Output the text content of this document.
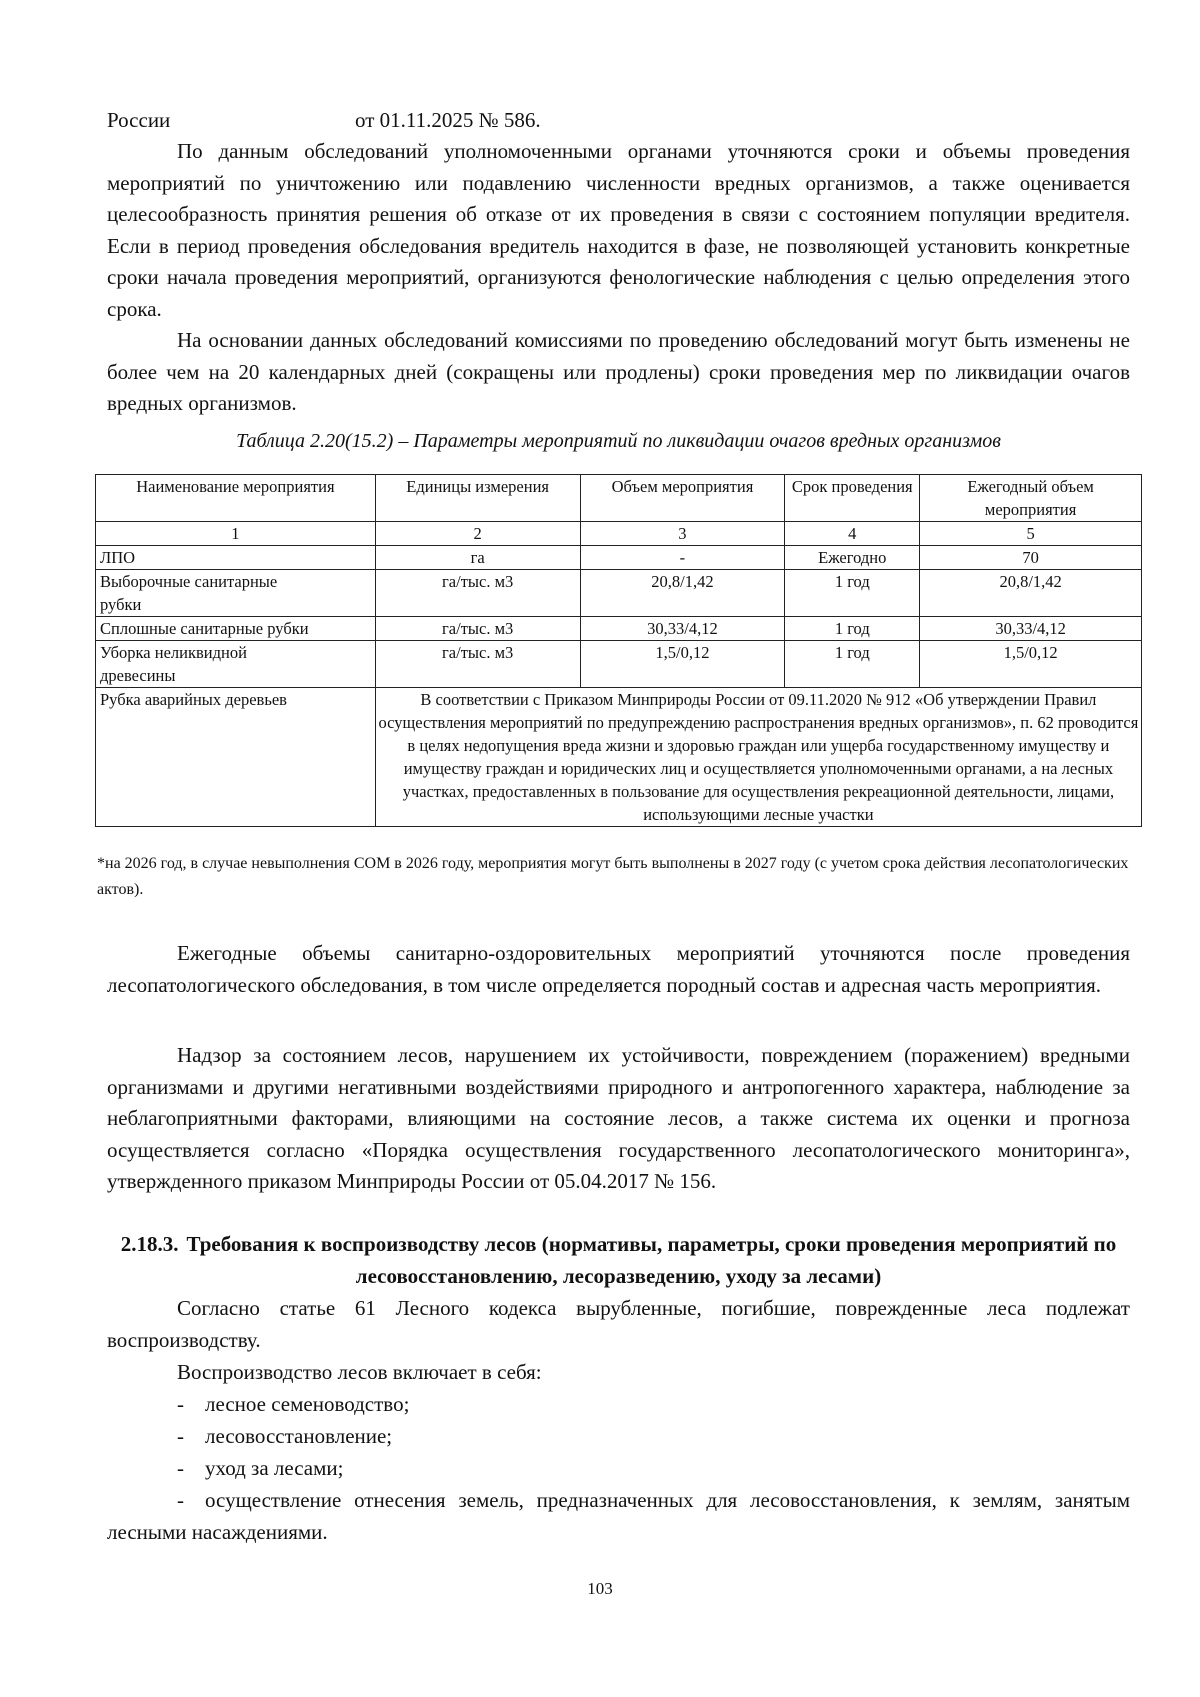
России	от 01.11.2025 № 586.

По данным обследований уполномоченными органами уточняются сроки и объемы проведения мероприятий по уничтожению или подавлению численности вредных организмов, а также оценивается целесообразность принятия решения об отказе от их проведения в связи с состоянием популяции вредителя. Если в период проведения обследования вредитель находится в фазе, не позволяющей установить конкретные сроки начала проведения мероприятий, организуются фенологические наблюдения с целью определения этого срока.

На основании данных обследований комиссиями по проведению обследований могут быть изменены не более чем на 20 календарных дней (сокращены или продлены) сроки проведения мер по ликвидации очагов вредных организмов.

Таблица 2.20(15.2) – Параметры мероприятий по ликвидации очагов вредных организмов

Наименование мероприятия	Единицы измерения	Объем мероприятия	Срок проведения	Ежегодный объем мероприятия
1	2	3	4	5
ЛПО	га	-	Ежегодно	70
Выборочные санитарные рубки	га/тыс. м3	20,8/1,42	1 год	20,8/1,42
Сплошные санитарные рубки	га/тыс. м3	30,33/4,12	1 год	30,33/4,12
Уборка неликвидной древесины	га/тыс. м3	1,5/0,12	1 год	1,5/0,12
Рубка аварийных деревьев	В соответствии с Приказом Минприроды России от 09.11.2020 № 912 «Об утверждении Правил осуществления мероприятий по предупреждению распространения вредных организмов», п. 62 проводится в целях недопущения вреда жизни и здоровью граждан или ущерба государственному имуществу и имуществу граждан и юридических лиц и осуществляется уполномоченными органами, а на лесных участках, предоставленных в пользование для осуществления рекреационной деятельности, лицами, использующими лесные участки			

*на 2026 год, в случае невыполнения СОМ в 2026 году, мероприятия могут быть выполнены в 2027 году (с учетом срока действия лесопатологических актов).

Ежегодные объемы санитарно-оздоровительных мероприятий уточняются после проведения лесопатологического обследования, в том числе определяется породный состав и адресная часть мероприятия.

Надзор за состоянием лесов, нарушением их устойчивости, повреждением (поражением) вредными организмами и другими негативными воздействиями природного и антропогенного характера, наблюдение за неблагоприятными факторами, влияющими на состояние лесов, а также система их оценки и прогноза осуществляется согласно «Порядка осуществления государственного лесопатологического мониторинга», утвержденного приказом Минприроды России от 05.04.2017 № 156.

2.18.3. Требования к воспроизводству лесов (нормативы, параметры, сроки проведения мероприятий по лесовосстановлению, лесоразведению, уходу за лесами)

Согласно статье 61 Лесного кодекса вырубленные, погибшие, поврежденные леса подлежат воспроизводству.

Воспроизводство лесов включает в себя:

- лесное семеноводство;
- лесовосстановление;
- уход за лесами;

- осуществление отнесения земель, предназначенных для лесовосстановления, к землям, занятым лесными насаждениями.

103
